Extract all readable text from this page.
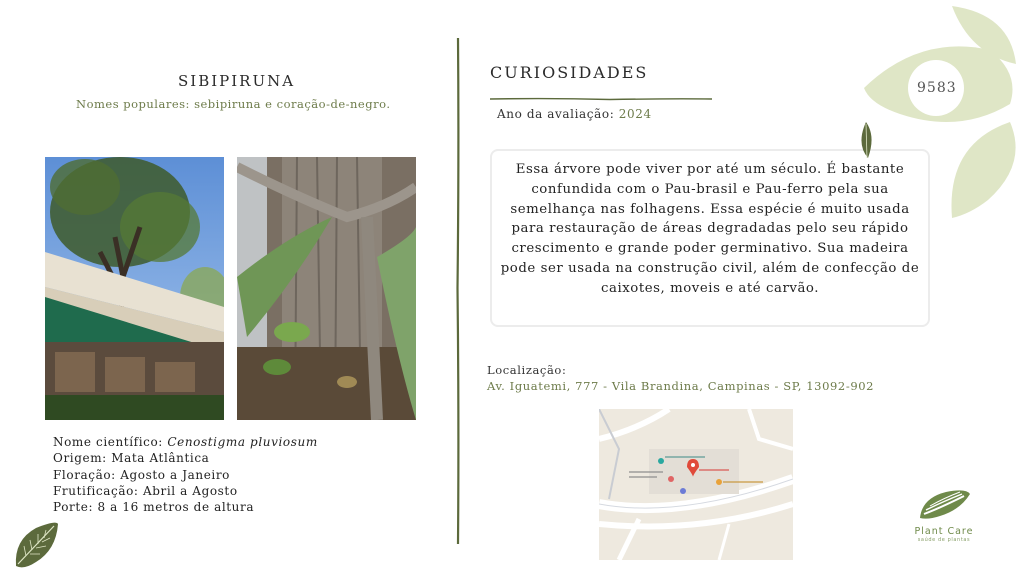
SIBIPIRUNA
Nomes populares: sebipiruna e coração-de-negro.
Nome científico: Cenostigma pluviosum
Origem: Mata Atlântica
Floração: Agosto a Janeiro
Frutificação: Abril a Agosto
Porte: 8 a 16 metros de altura
CURIOSIDADES
Ano da avaliação: 2024

Essa árvore pode viver por até um século. É bastante confundida com o Pau-brasil e Pau-ferro pela sua semelhança nas folhagens. Essa espécie é muito usada para restauração de áreas degradadas pelo seu rápido crescimento e grande poder germinativo. Sua madeira pode ser usada na construção civil, além de confecção de caixotes, moveis e até carvão.

9583
Localização:
Av. Iguatemi, 777 - Vila Brandina, Campinas - SP, 13092-902
Plant Care
saúde de plantas
